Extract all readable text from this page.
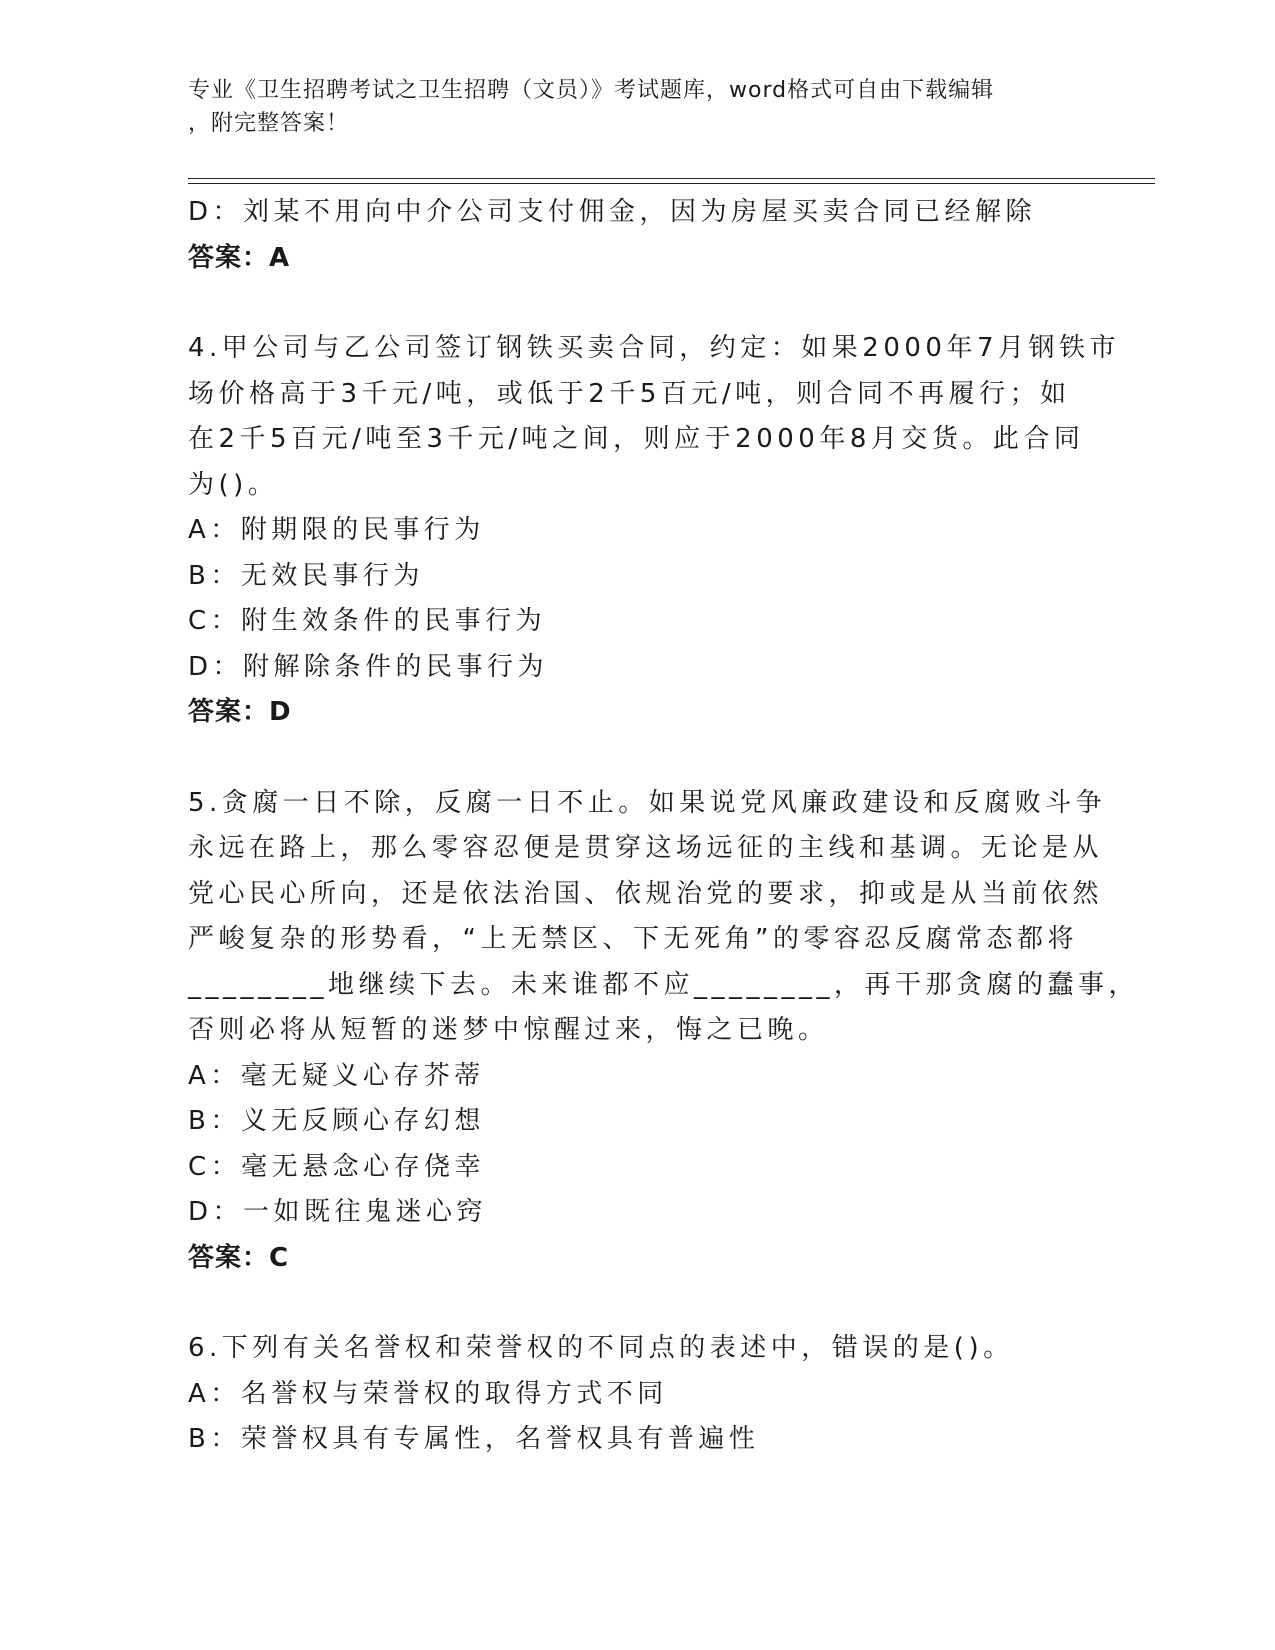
专业《卫生招聘考试之卫生招聘（文员）》考试题库，word格式可自由下载编辑
，附完整答案！
D：刘某不用向中介公司支付佣金，因为房屋买卖合同已经解除
答案：A
4.甲公司与乙公司签订钢铁买卖合同，约定：如果2000年7月钢铁市
场价格高于3千元/吨，或低于2千5百元/吨，则合同不再履行；如
在2千5百元/吨至3千元/吨之间，则应于2000年8月交货。此合同
为()。
A：附期限的民事行为
B：无效民事行为
C：附生效条件的民事行为
D：附解除条件的民事行为
答案：D
5.贪腐一日不除，反腐一日不止。如果说党风廉政建设和反腐败斗争
永远在路上，那么零容忍便是贯穿这场远征的主线和基调。无论是从
党心民心所向，还是依法治国、依规治党的要求，抑或是从当前依然
严峻复杂的形势看，“上无禁区、下无死角”的零容忍反腐常态都将
________地继续下去。未来谁都不应________，再干那贪腐的蠢事，
否则必将从短暂的迷梦中惊醒过来，悔之已晚。
A：毫无疑义心存芥蒂
B：义无反顾心存幻想
C：毫无悬念心存侥幸
D：一如既往鬼迷心窍
答案：C
6.下列有关名誉权和荣誉权的不同点的表述中，错误的是()。
A：名誉权与荣誉权的取得方式不同
B：荣誉权具有专属性，名誉权具有普遍性
